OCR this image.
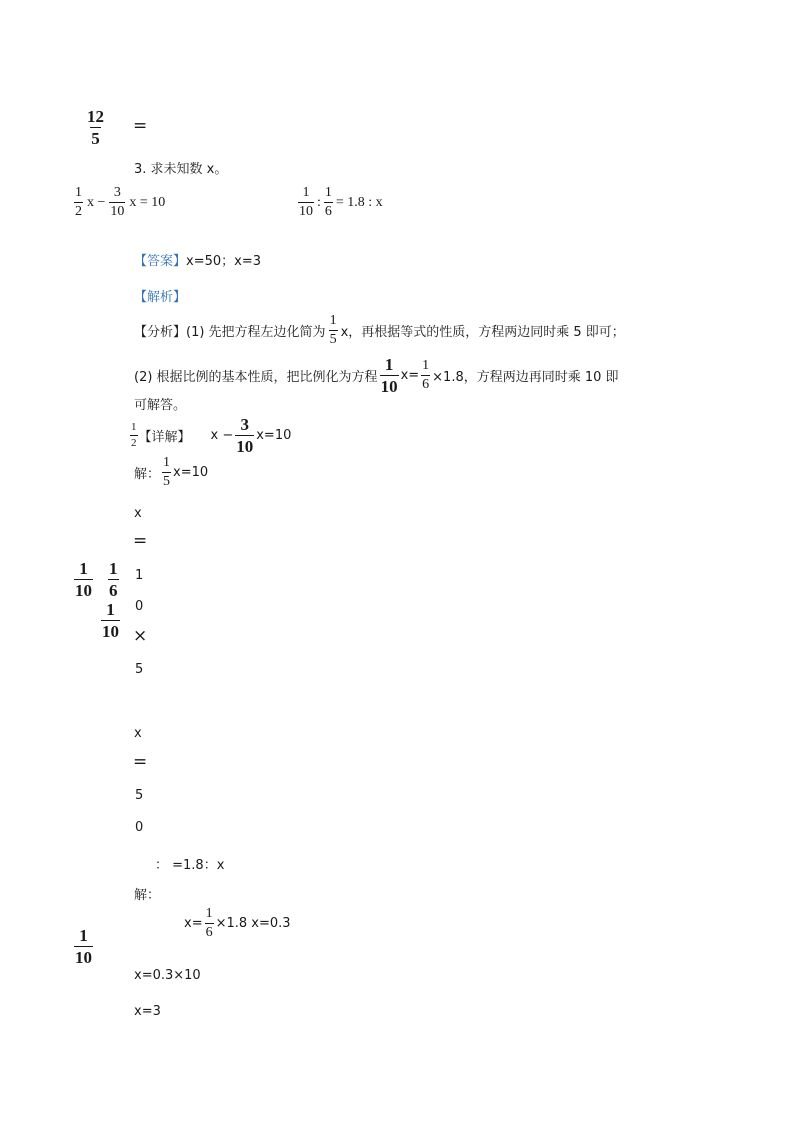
$\frac{12}{5}$ =
3. 求未知数 x。
$\frac{1}{2}$ $x - \frac{3}{10}$ x = 10	$\frac{1}{10}$ : $\frac{1}{6} = 1.8$ : x
【答案】x=50；x=3
【解析】
【分析】(1) 先把方程左边化简为 $\frac{1}{5}$ x，再根据等式的性质，方程两边同时乘 5 即可；
(2) 根据比例的基本性质，把比例化为方程 $\frac{1}{10} x= \frac{1}{6} \times 1.8$，方程两边再同时乘 10 即
可解答。
$\frac{1}{2}$ 【详解】 $x - \frac{3}{10} x=10$
解： $\frac{1}{5} x=10$
x
=
1
0
×
5
$\frac{1}{10} \frac{1}{6}$
$\frac{1}{10}$
x
=
5
0
： =1.8：x
解：
$\frac{1}{10}$
$x= \frac{1}{6} \times 1.8$ x=0.3
x=0.3×10
x=3
